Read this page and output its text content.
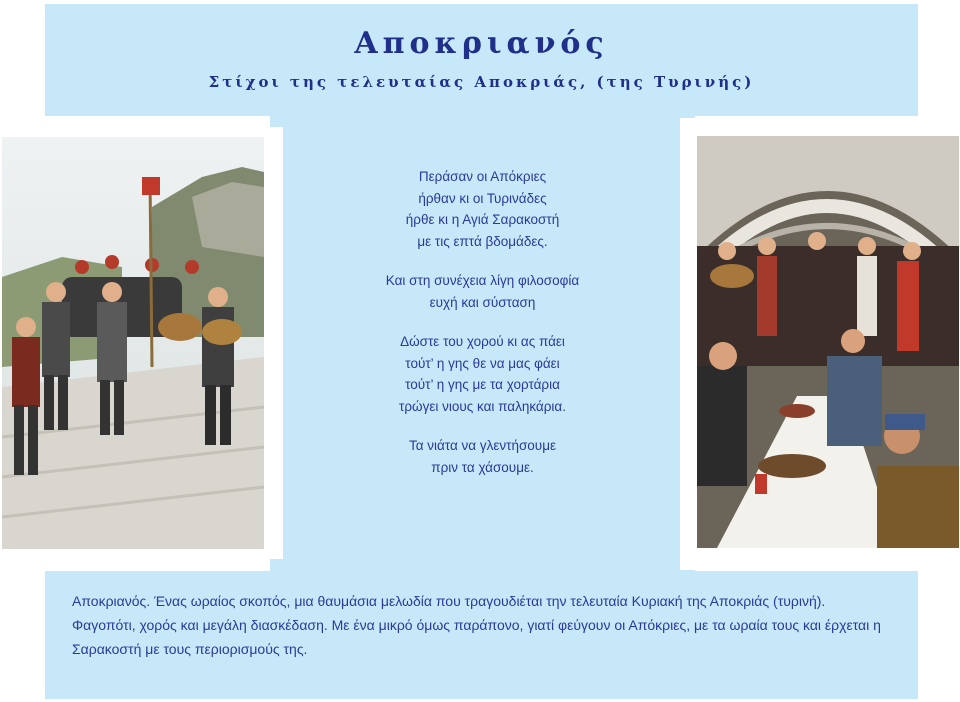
Αποκριανός
Στίχοι της τελευταίας Αποκριάς, (της Τυρινής)
Περάσαν οι Απόκριες
ήρθαν κι οι Τυρινάδες
ήρθε κι η Αγιά Σαρακοστή
με τις επτά βδομάδες.
Και στη συνέχεια λίγη φιλοσοφία
ευχή και σύσταση
Δώστε του χορού κι ας πάει
τούτ’ η γης θε να μας φάει
τούτ’ η γης με τα χορτάρια
τρώγει νιους και παληκάρια.
Τα νιάτα να γλεντήσουμε
πριν τα χάσουμε.

Αποκριανός. Ένας ωραίος σκοπός, μια θαυμάσια μελωδία που τραγουδιέται την τελευταία Κυριακή της Αποκριάς (τυρινή). Φαγοπότι, χορός και μεγάλη διασκέδαση. Με ένα μικρό όμως παράπονο, γιατί φεύγουν οι Απόκριες, με τα ωραία τους και έρχεται η Σαρακοστή με τους περιορισμούς της.
